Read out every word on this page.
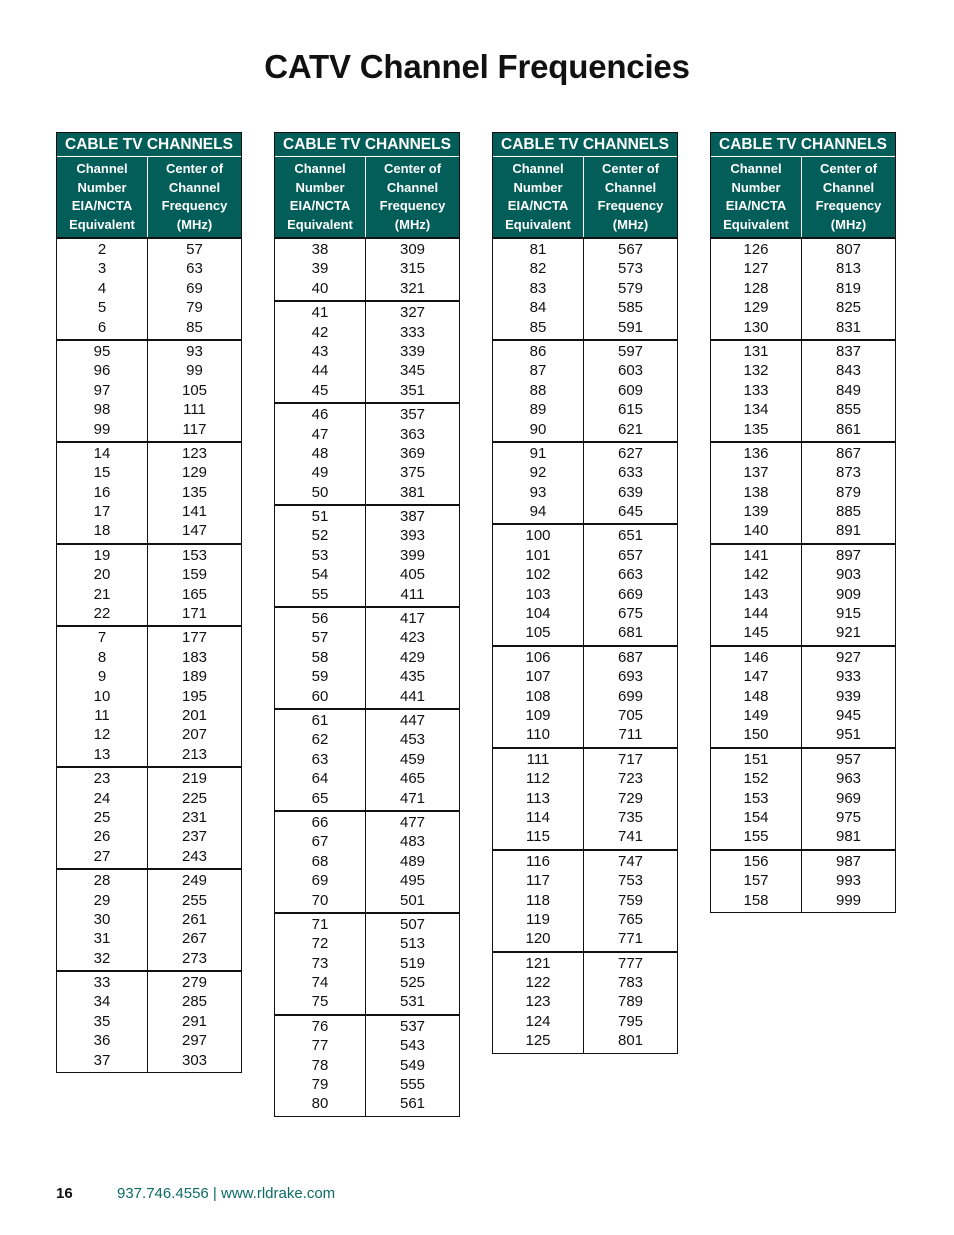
CATV Channel Frequencies
CABLE TV CHANNELS
Channel
Number
EIA/NCTA
Equivalent
Center of
Channel
Frequency
(MHz)
2
3
4
5
6
57
63
69
79
85
95
96
97
98
99
93
99
105
111
117
14
15
16
17
18
123
129
135
141
147
19
20
21
22
153
159
165
171
7
8
9
10
11
12
13
177
183
189
195
201
207
213
23
24
25
26
27
219
225
231
237
243
28
29
30
31
32
249
255
261
267
273
33
34
35
36
37
279
285
291
297
303
CABLE TV CHANNELS
Channel
Number
EIA/NCTA
Equivalent
Center of
Channel
Frequency
(MHz)
38
39
40
309
315
321
41
42
43
44
45
327
333
339
345
351
46
47
48
49
50
357
363
369
375
381
51
52
53
54
55
387
393
399
405
411
56
57
58
59
60
417
423
429
435
441
61
62
63
64
65
447
453
459
465
471
66
67
68
69
70
477
483
489
495
501
71
72
73
74
75
507
513
519
525
531
76
77
78
79
80
537
543
549
555
561
CABLE TV CHANNELS
Channel
Number
EIA/NCTA
Equivalent
Center of
Channel
Frequency
(MHz)
81
82
83
84
85
567
573
579
585
591
86
87
88
89
90
597
603
609
615
621
91
92
93
94
627
633
639
645
100
101
102
103
104
105
651
657
663
669
675
681
106
107
108
109
110
687
693
699
705
711
111
112
113
114
115
717
723
729
735
741
116
117
118
119
120
747
753
759
765
771
121
122
123
124
125
777
783
789
795
801
CABLE TV CHANNELS
Channel
Number
EIA/NCTA
Equivalent
Center of
Channel
Frequency
(MHz)
126
127
128
129
130
807
813
819
825
831
131
132
133
134
135
837
843
849
855
861
136
137
138
139
140
867
873
879
885
891
141
142
143
144
145
897
903
909
915
921
146
147
148
149
150
927
933
939
945
951
151
152
153
154
155
957
963
969
975
981
156
157
158
987
993
999
16	937.746.4556 | www.rldrake.com
